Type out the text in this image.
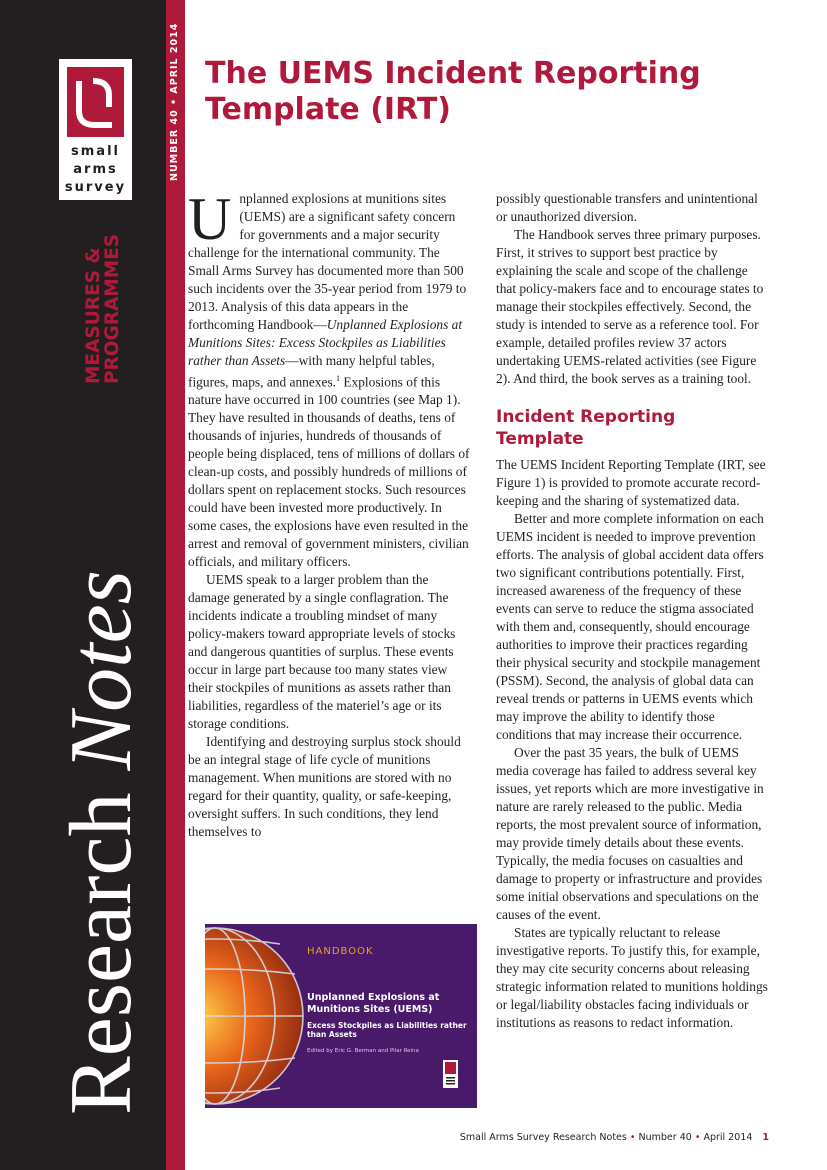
small
arms
survey
NUMBER 40 • APRIL 2014
MEASURES &
PROGRAMMES
Research Notes
The UEMS Incident Reporting Template (IRT)

Unplanned explosions at munitions sites (UEMS) are a significant safety concern for governments and a major security challenge for the international community. The Small Arms Survey has documented more than 500 such incidents over the 35-year period from 1979 to 2013. Analysis of this data appears in the forthcoming Handbook—Unplanned Explosions at Munitions Sites: Excess Stockpiles as Liabilities rather than Assets—with many helpful tables, figures, maps, and annexes.$^1$ Explosions of this nature have occurred in 100 countries (see Map 1). They have resulted in thousands of deaths, tens of thousands of injuries, hundreds of thousands of people being displaced, tens of millions of dollars of clean-up costs, and possibly hundreds of millions of dollars spent on replacement stocks. Such resources could have been invested more productively. In some cases, the explosions have even resulted in the arrest and removal of government ministers, civilian officials, and military officers.

UEMS speak to a larger problem than the damage generated by a single conflagration. The incidents indicate a troubling mindset of many policy-makers toward appropriate levels of stocks and dangerous quantities of surplus. These events occur in large part because too many states view their stockpiles of munitions as assets rather than liabilities, regardless of the materiel’s age or its storage conditions.

Identifying and destroying surplus stock should be an integral stage of life cycle of munitions management. When munitions are stored with no regard for their quantity, quality, or safe-keeping, oversight suffers. In such conditions, they lend themselves to

possibly questionable transfers and unintentional or unauthorized diversion.

The Handbook serves three primary purposes. First, it strives to support best practice by explaining the scale and scope of the challenge that policy-makers face and to encourage states to manage their stockpiles effectively. Second, the study is intended to serve as a reference tool. For example, detailed profiles review 37 actors undertaking UEMS-related activities (see Figure 2). And third, the book serves as a training tool.

Incident Reporting Template

The UEMS Incident Reporting Template (IRT, see Figure 1) is provided to promote accurate record-keeping and the sharing of systematized data.

Better and more complete information on each UEMS incident is needed to improve prevention efforts. The analysis of global accident data offers two significant contributions potentially. First, increased awareness of the frequency of these events can serve to reduce the stigma associated with them and, consequently, should encourage authorities to improve their practices regarding their physical security and stockpile management (PSSM). Second, the analysis of global data can reveal trends or patterns in UEMS events which may improve the ability to identify those conditions that may increase their occurrence.

Over the past 35 years, the bulk of UEMS media coverage has failed to address several key issues, yet reports which are more investigative in nature are rarely released to the public. Media reports, the most prevalent source of information, may provide timely details about these events. Typically, the media focuses on casualties and damage to property or infrastructure and provides some initial observations and speculations on the causes of the event.

States are typically reluctant to release investigative reports. To justify this, for example, they may cite security concerns about releasing strategic information related to munitions holdings or legal/liability obstacles facing individuals or institutions as reasons to redact information.

HANDBOOK
Unplanned Explosions at Munitions Sites (UEMS)
Excess Stockpiles as Liabilities rather than Assets
Edited by Eric G. Berman and Pilar Reina
Small Arms Survey Research Notes • Number 40 • April 2014 1
